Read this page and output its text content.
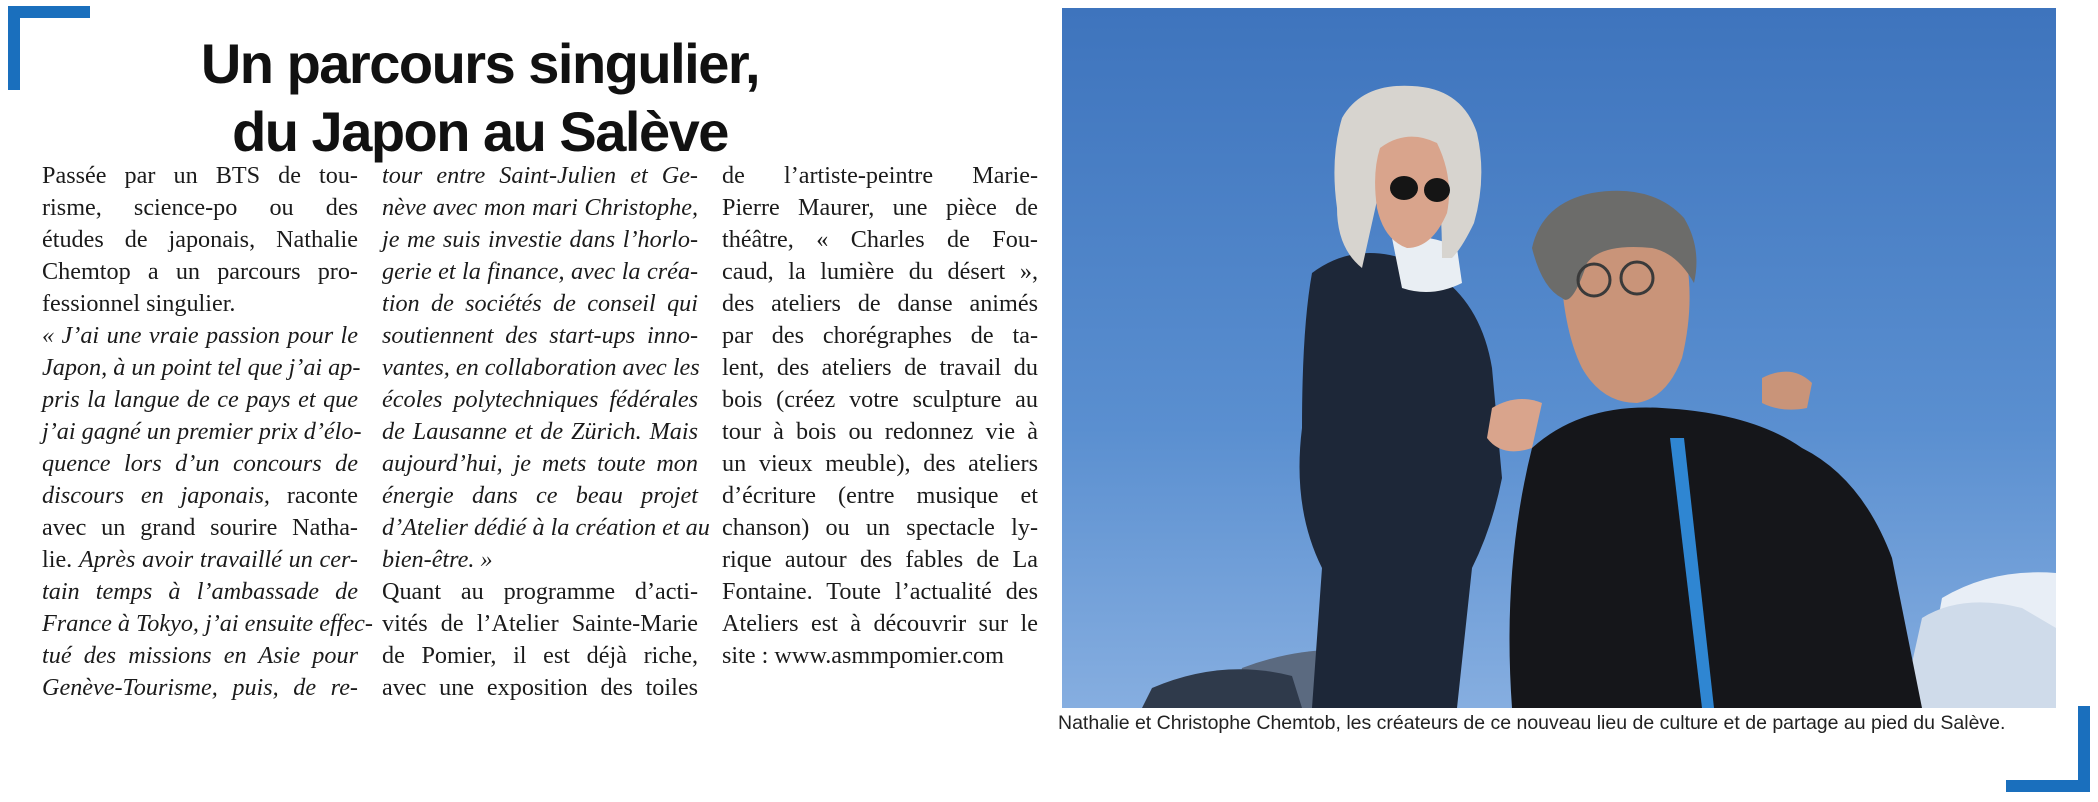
Un parcours singulier,
du Japon au Salève
Passée par un BTS de tou-
risme, science-po ou des
études de japonais, Nathalie
Chemtop a un parcours pro-
fessionnel singulier.
« J’ai une vraie passion pour le
Japon, à un point tel que j’ai ap-
pris la langue de ce pays et que
j’ai gagné un premier prix d’élo-
quence lors d’un concours de
discours en japonais, raconte
avec un grand sourire Natha-
lie. Après avoir travaillé un cer-
tain temps à l’ambassade de
France à Tokyo, j’ai ensuite effec-
tué des missions en Asie pour
Genève-Tourisme, puis, de re-
tour entre Saint-Julien et Ge-
nève avec mon mari Christophe,
je me suis investie dans l’horlo-
gerie et la finance, avec la créa-
tion de sociétés de conseil qui
soutiennent des start-ups inno-
vantes, en collaboration avec les
écoles polytechniques fédérales
de Lausanne et de Zürich. Mais
aujourd’hui, je mets toute mon
énergie dans ce beau projet
d’Atelier dédié à la création et au
bien-être. »
Quant au programme d’acti-
vités de l’Atelier Sainte-Marie
de Pomier, il est déjà riche,
avec une exposition des toiles
de l’artiste-peintre Marie-
Pierre Maurer, une pièce de
théâtre, « Charles de Fou-
caud, la lumière du désert »,
des ateliers de danse animés
par des chorégraphes de ta-
lent, des ateliers de travail du
bois (créez votre sculpture au
tour à bois ou redonnez vie à
un vieux meuble), des ateliers
d’écriture (entre musique et
chanson) ou un spectacle ly-
rique autour des fables de La
Fontaine. Toute l’actualité des
Ateliers est à découvrir sur le
site : www.asmmpomier.com
Nathalie et Christophe Chemtob, les créateurs de ce nouveau lieu de culture et de partage au pied du Salève.
